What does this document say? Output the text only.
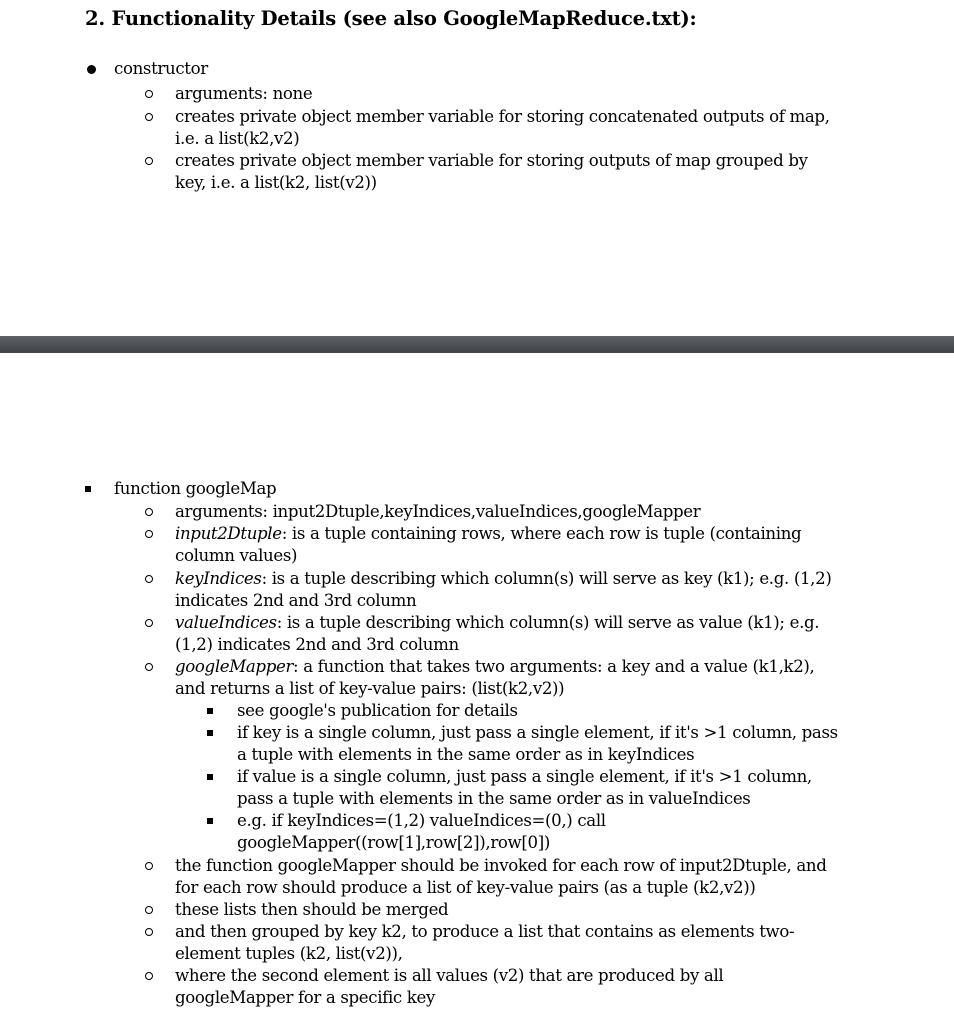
2. Functionality Details (see also GoogleMapReduce.txt):
constructor
arguments: none
creates private object member variable for storing concatenated outputs of map,
i.e. a list(k2,v2)
creates private object member variable for storing outputs of map grouped by
key, i.e. a list(k2, list(v2))
function googleMap
arguments: input2Dtuple,keyIndices,valueIndices,googleMapper
input2Dtuple: is a tuple containing rows, where each row is tuple (containing
column values)
keyIndices: is a tuple describing which column(s) will serve as key (k1); e.g. (1,2)
indicates 2nd and 3rd column
valueIndices: is a tuple describing which column(s) will serve as value (k1); e.g.
(1,2) indicates 2nd and 3rd column
googleMapper: a function that takes two arguments: a key and a value (k1,k2),
and returns a list of key-value pairs: (list(k2,v2))
see google's publication for details
if key is a single column, just pass a single element, if it's >1 column, pass
a tuple with elements in the same order as in keyIndices
if value is a single column, just pass a single element, if it's >1 column,
pass a tuple with elements in the same order as in valueIndices
e.g. if keyIndices=(1,2) valueIndices=(0,) call
googleMapper((row[1],row[2]),row[0])
the function googleMapper should be invoked for each row of input2Dtuple, and
for each row should produce a list of key-value pairs (as a tuple (k2,v2))
these lists then should be merged
and then grouped by key k2, to produce a list that contains as elements two-
element tuples (k2, list(v2)),
where the second element is all values (v2) that are produced by all
googleMapper for a specific key
